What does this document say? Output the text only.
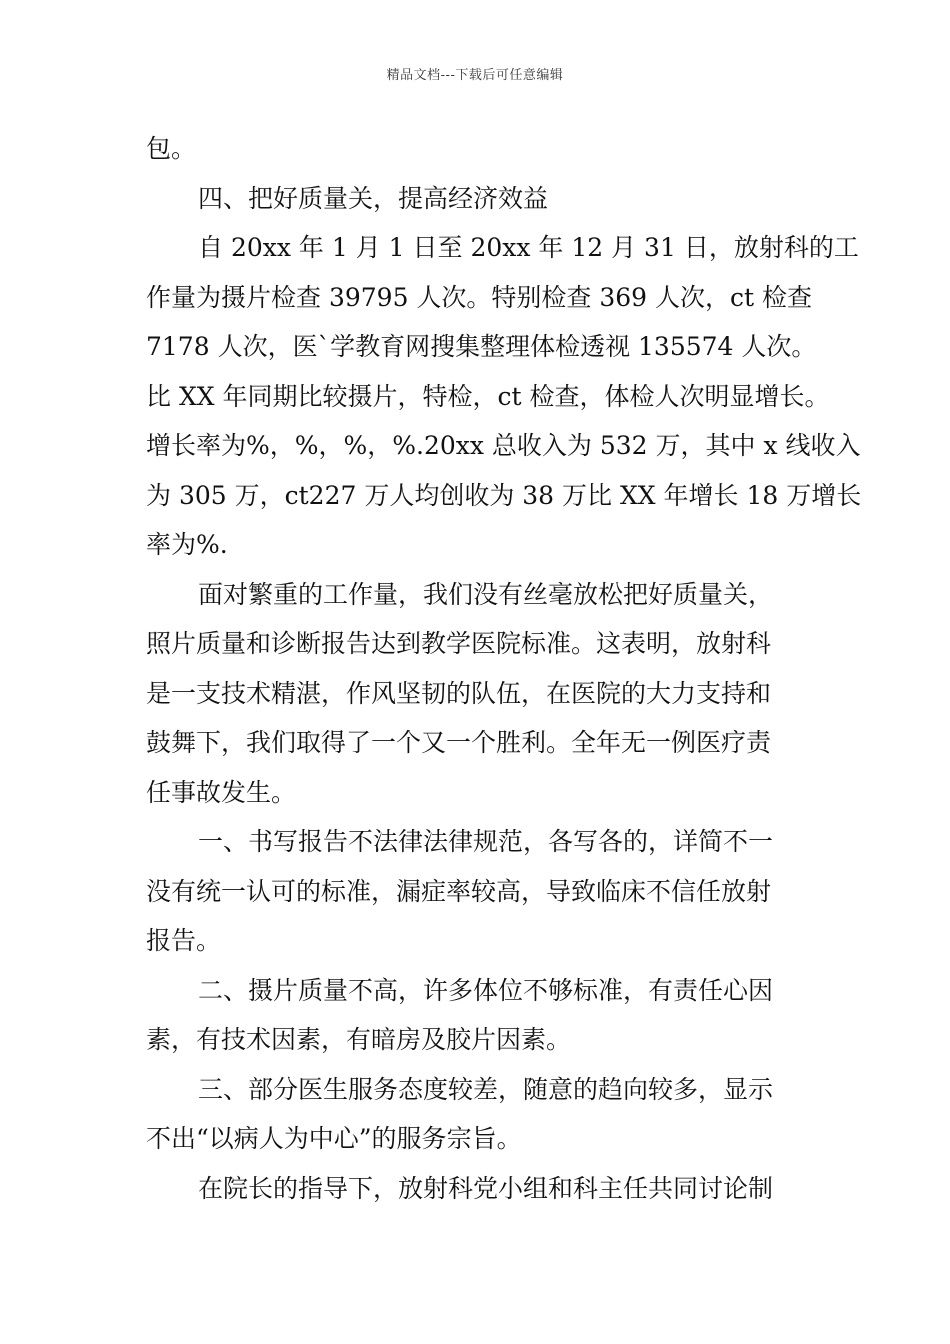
精品文档---下载后可任意编辑
包。
四、把好质量关，提高经济效益
自 20xx 年 1 月 1 日至 20xx 年 12 月 31 日，放射科的工
作量为摄片检查 39795 人次。特别检查 369 人次，ct 检查
7178 人次，医`学教育网搜集整理体检透视 135574 人次。
比 XX 年同期比较摄片，特检，ct 检查，体检人次明显增长。
增长率为%，%，%，%.20xx 总收入为 532 万，其中 x 线收入
为 305 万，ct227 万人均创收为 38 万比 XX 年增长 18 万增长
率为%.
面对繁重的工作量，我们没有丝毫放松把好质量关，
照片质量和诊断报告达到教学医院标准。这表明，放射科
是一支技术精湛，作风坚韧的队伍，在医院的大力支持和
鼓舞下，我们取得了一个又一个胜利。全年无一例医疗责
任事故发生。
一、书写报告不法律法律规范，各写各的，详简不一
没有统一认可的标准，漏症率较高，导致临床不信任放射
报告。
二、摄片质量不高，许多体位不够标准，有责任心因
素，有技术因素，有暗房及胶片因素。
三、部分医生服务态度较差，随意的趋向较多，显示
不出“以病人为中心”的服务宗旨。
在院长的指导下，放射科党小组和科主任共同讨论制
